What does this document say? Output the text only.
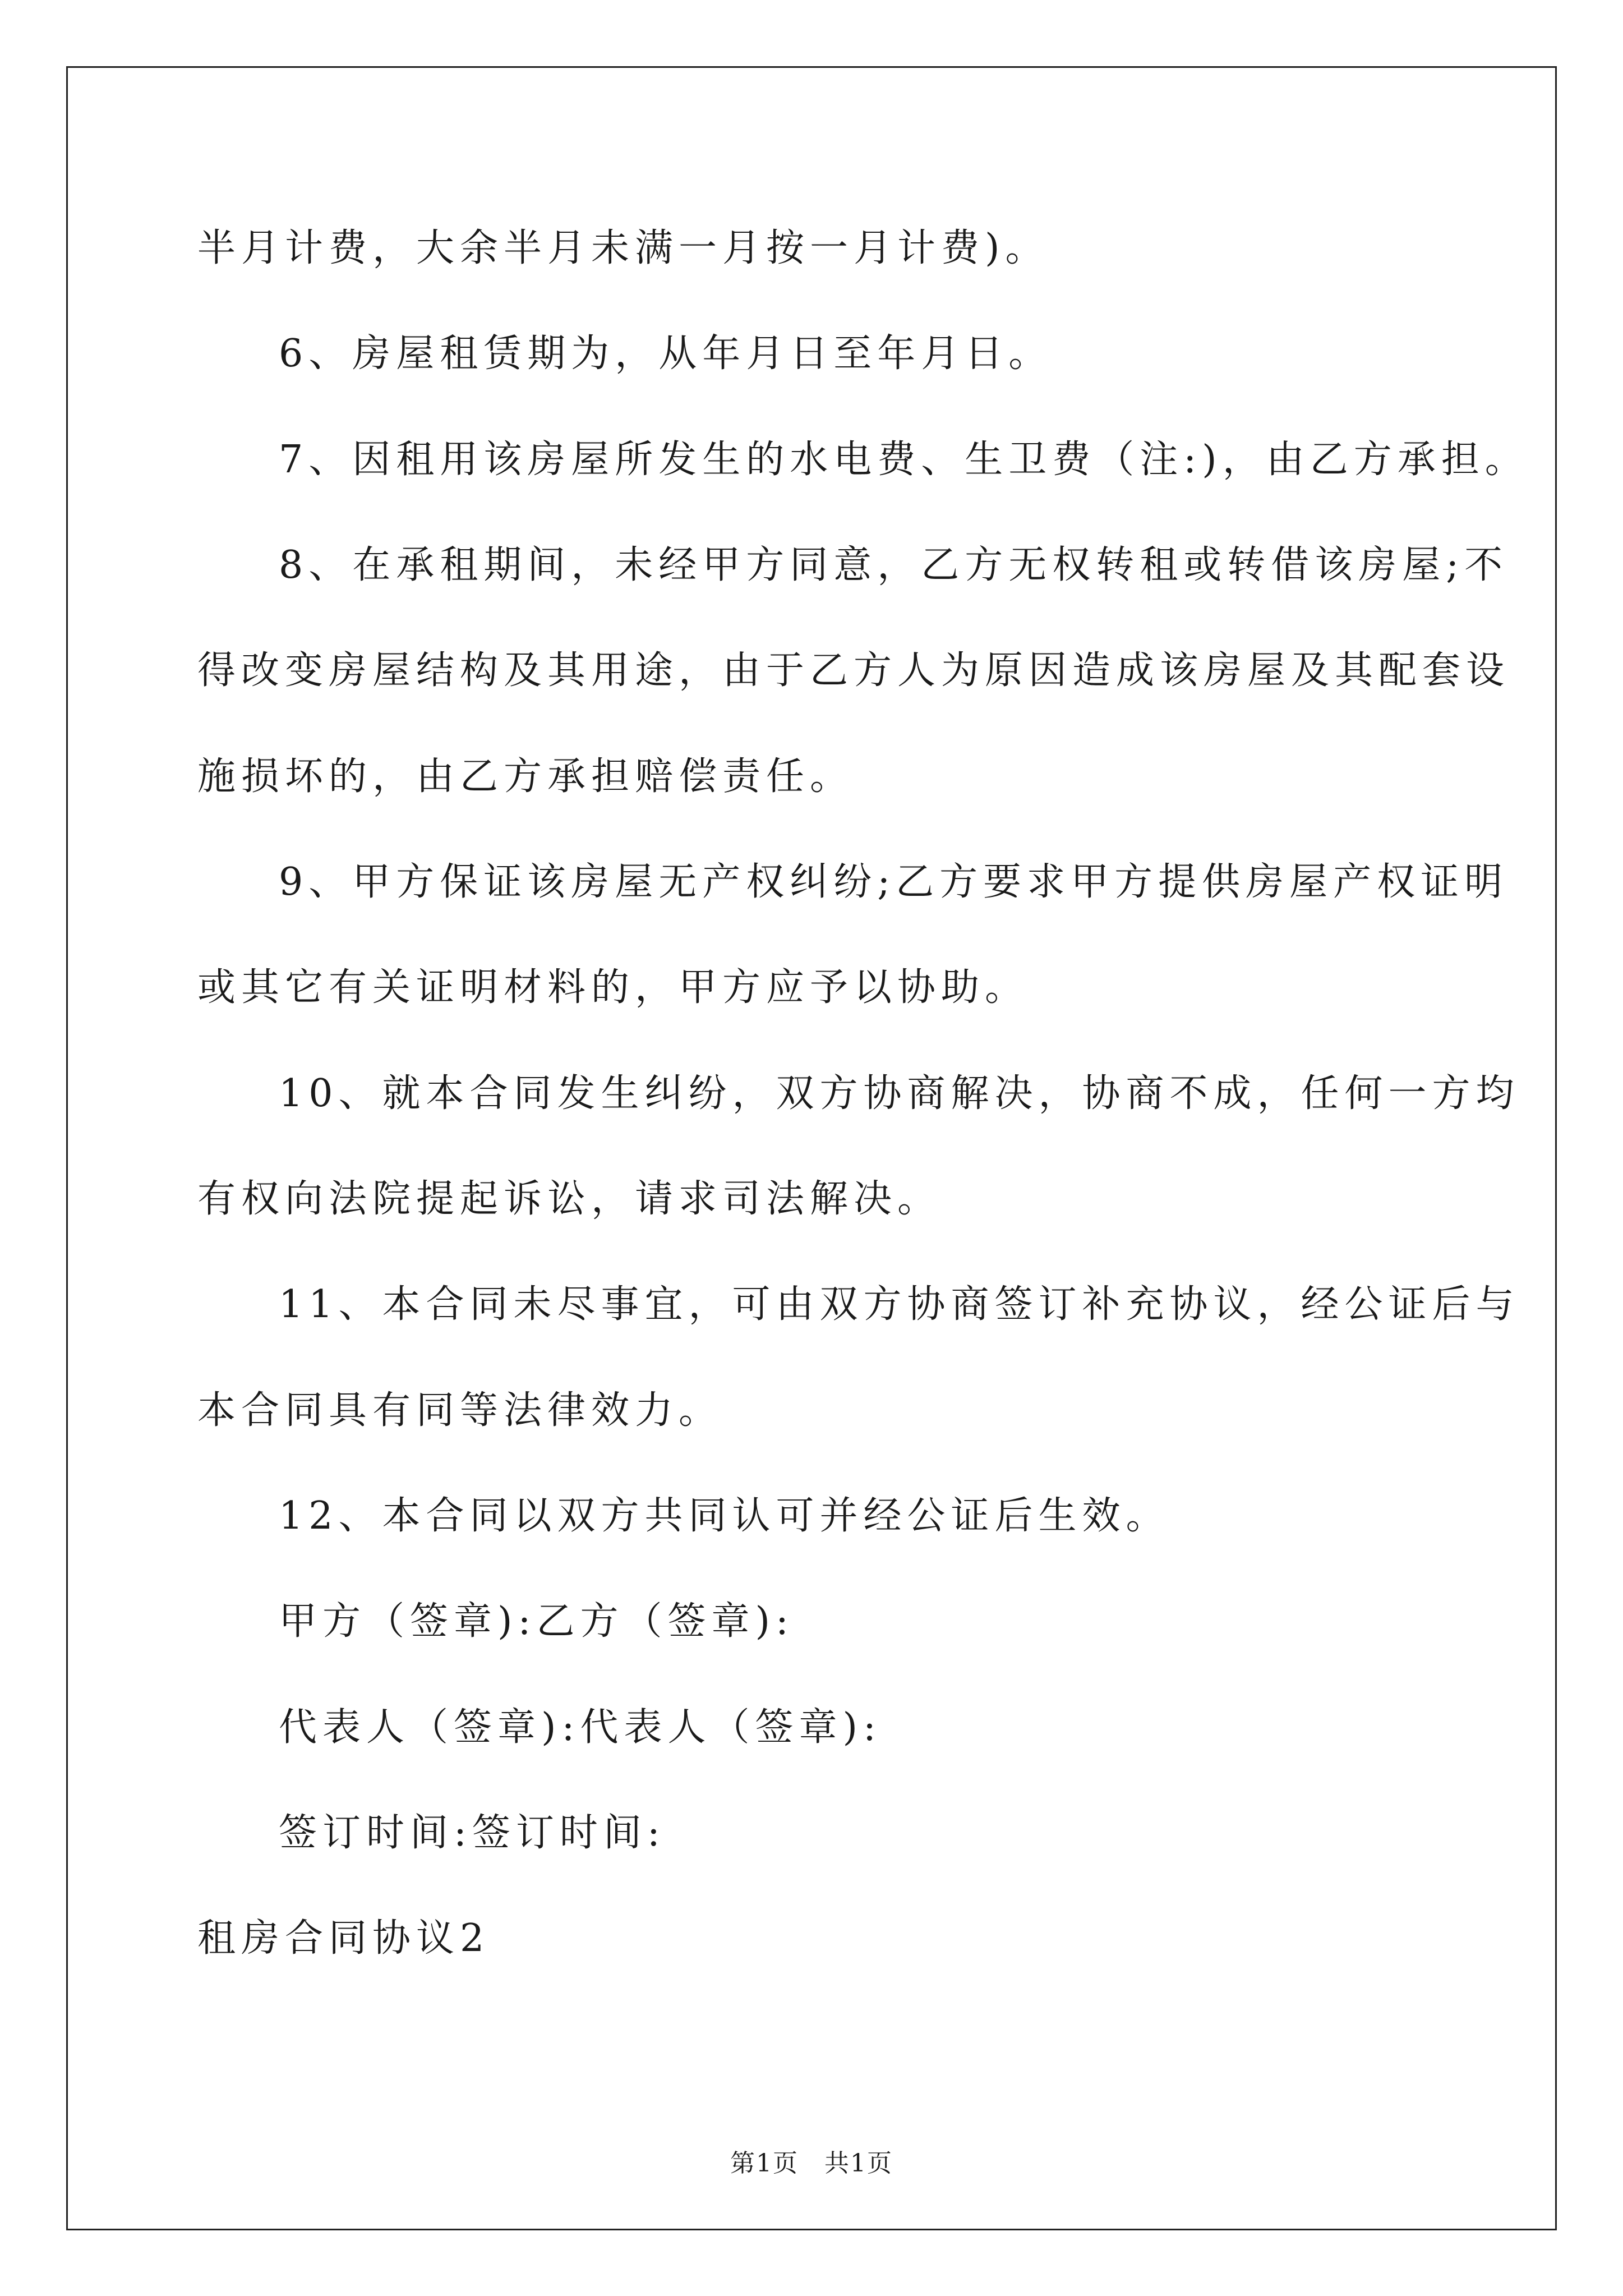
半月计费，大余半月未满一月按一月计费)。
6、房屋租赁期为，从年月日至年月日。
7、因租用该房屋所发生的水电费、生卫费（注:)，由乙方承担。
8、在承租期间，未经甲方同意，乙方无权转租或转借该房屋;不
得改变房屋结构及其用途，由于乙方人为原因造成该房屋及其配套设
施损坏的，由乙方承担赔偿责任。
9、甲方保证该房屋无产权纠纷;乙方要求甲方提供房屋产权证明
或其它有关证明材料的，甲方应予以协助。
10、就本合同发生纠纷，双方协商解决，协商不成，任何一方均
有权向法院提起诉讼，请求司法解决。
11、本合同未尽事宜，可由双方协商签订补充协议，经公证后与
本合同具有同等法律效力。
12、本合同以双方共同认可并经公证后生效。
甲方（签章):乙方（签章):
代表人（签章):代表人（签章):
签订时间:签订时间:
租房合同协议2
第1页　共1页
